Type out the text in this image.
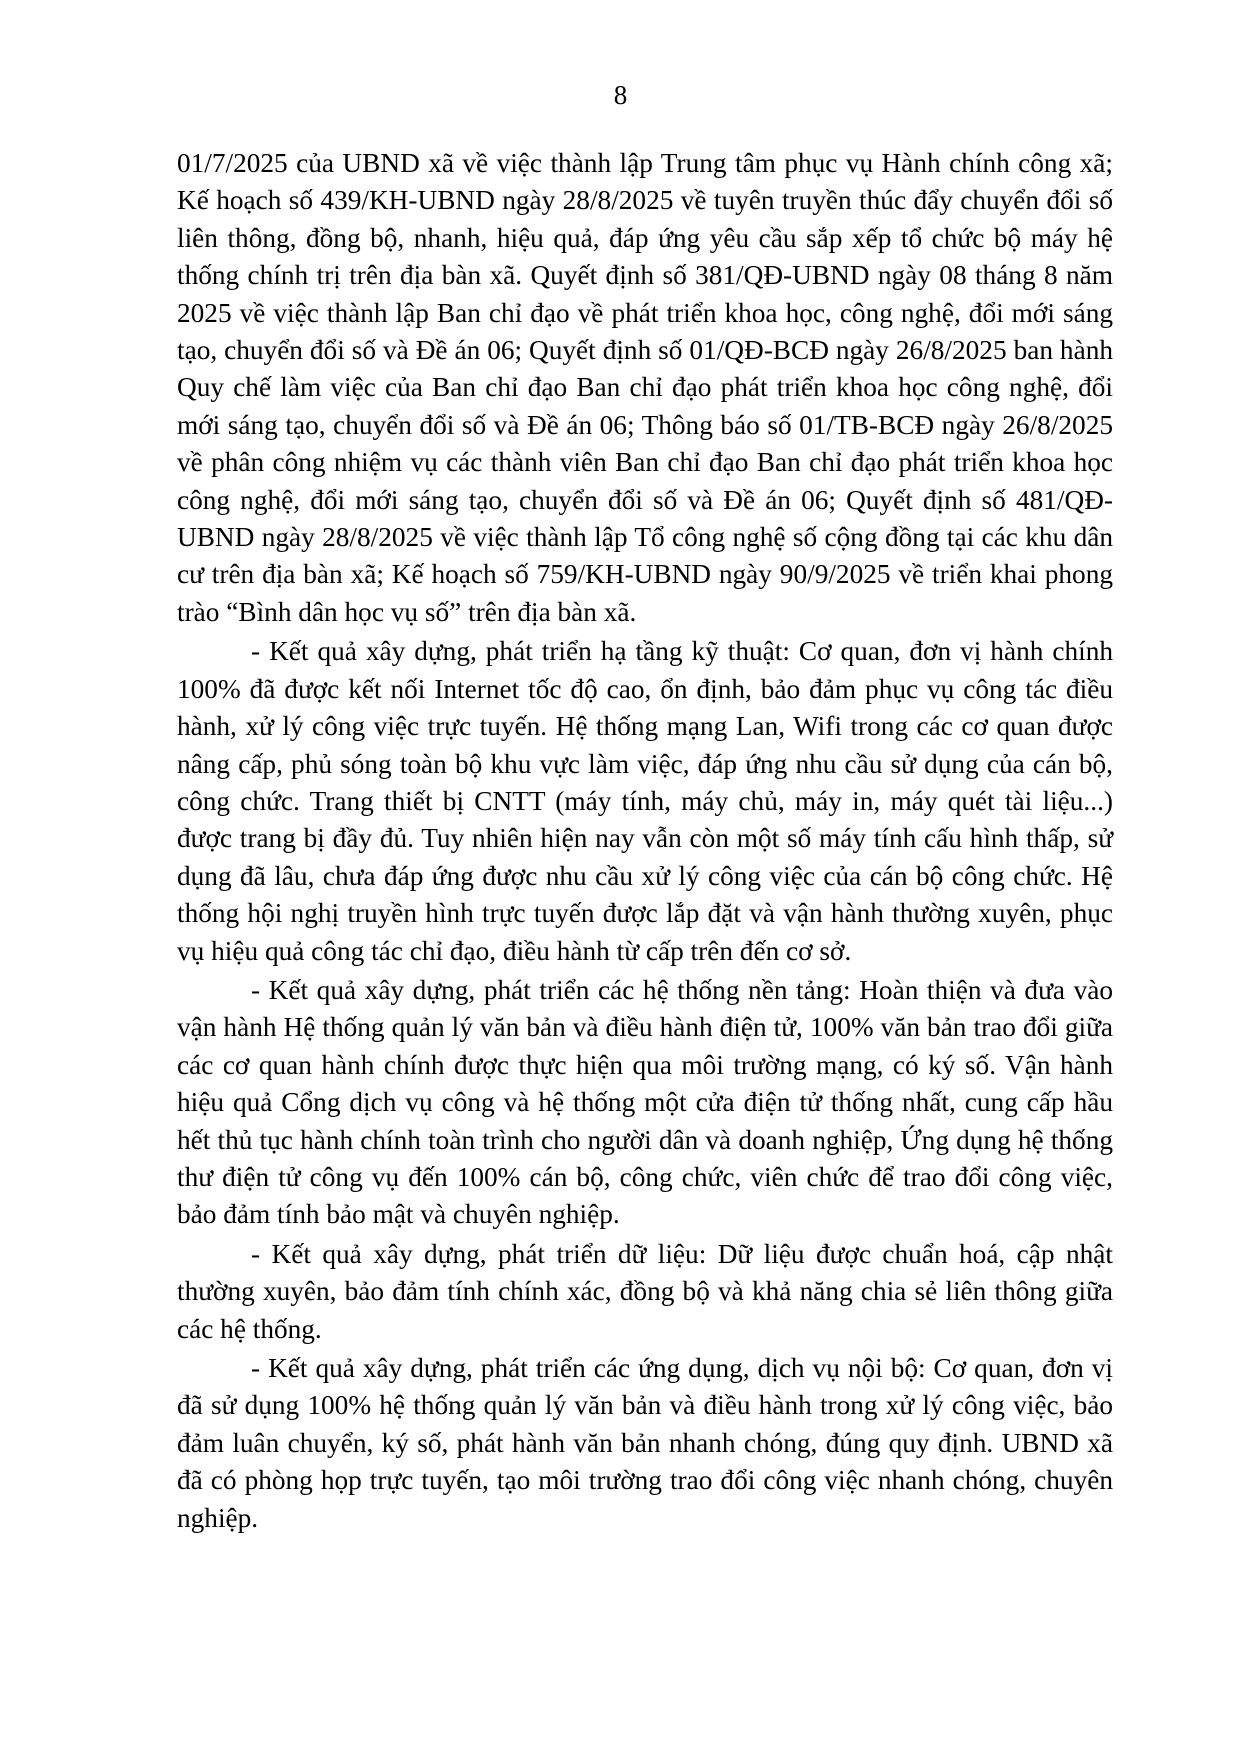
8

01/7/2025 của UBND xã về việc thành lập Trung tâm phục vụ Hành chính công xã; Kế hoạch số 439/KH-UBND ngày 28/8/2025 về tuyên truyền thúc đẩy chuyển đổi số liên thông, đồng bộ, nhanh, hiệu quả, đáp ứng yêu cầu sắp xếp tổ chức bộ máy hệ thống chính trị trên địa bàn xã. Quyết định số 381/QĐ-UBND ngày 08 tháng 8 năm 2025 về việc thành lập Ban chỉ đạo về phát triển khoa học, công nghệ, đổi mới sáng tạo, chuyển đổi số và Đề án 06; Quyết định số 01/QĐ-BCĐ ngày 26/8/2025 ban hành Quy chế làm việc của Ban chỉ đạo Ban chỉ đạo phát triển khoa học công nghệ, đổi mới sáng tạo, chuyển đổi số và Đề án 06; Thông báo số 01/TB-BCĐ ngày 26/8/2025 về phân công nhiệm vụ các thành viên Ban chỉ đạo Ban chỉ đạo phát triển khoa học công nghệ, đổi mới sáng tạo, chuyển đổi số và Đề án 06; Quyết định số 481/QĐ-UBND ngày 28/8/2025 về việc thành lập Tổ công nghệ số cộng đồng tại các khu dân cư trên địa bàn xã; Kế hoạch số 759/KH-UBND ngày 90/9/2025 về triển khai phong trào “Bình dân học vụ số” trên địa bàn xã.

- Kết quả xây dựng, phát triển hạ tầng kỹ thuật: Cơ quan, đơn vị hành chính 100% đã được kết nối Internet tốc độ cao, ổn định, bảo đảm phục vụ công tác điều hành, xử lý công việc trực tuyến. Hệ thống mạng Lan, Wifi trong các cơ quan được nâng cấp, phủ sóng toàn bộ khu vực làm việc, đáp ứng nhu cầu sử dụng của cán bộ, công chức. Trang thiết bị CNTT (máy tính, máy chủ, máy in, máy quét tài liệu...) được trang bị đầy đủ. Tuy nhiên hiện nay vẫn còn một số máy tính cấu hình thấp, sử dụng đã lâu, chưa đáp ứng được nhu cầu xử lý công việc của cán bộ công chức. Hệ thống hội nghị truyền hình trực tuyến được lắp đặt và vận hành thường xuyên, phục vụ hiệu quả công tác chỉ đạo, điều hành từ cấp trên đến cơ sở.

- Kết quả xây dựng, phát triển các hệ thống nền tảng: Hoàn thiện và đưa vào vận hành Hệ thống quản lý văn bản và điều hành điện tử, 100% văn bản trao đổi giữa các cơ quan hành chính được thực hiện qua môi trường mạng, có ký số. Vận hành hiệu quả Cổng dịch vụ công và hệ thống một cửa điện tử thống nhất, cung cấp hầu hết thủ tục hành chính toàn trình cho người dân và doanh nghiệp, Ứng dụng hệ thống thư điện tử công vụ đến 100% cán bộ, công chức, viên chức để trao đổi công việc, bảo đảm tính bảo mật và chuyên nghiệp.

- Kết quả xây dựng, phát triển dữ liệu: Dữ liệu được chuẩn hoá, cập nhật thường xuyên, bảo đảm tính chính xác, đồng bộ và khả năng chia sẻ liên thông giữa các hệ thống.

- Kết quả xây dựng, phát triển các ứng dụng, dịch vụ nội bộ: Cơ quan, đơn vị đã sử dụng 100% hệ thống quản lý văn bản và điều hành trong xử lý công việc, bảo đảm luân chuyển, ký số, phát hành văn bản nhanh chóng, đúng quy định. UBND xã đã có phòng họp trực tuyến, tạo môi trường trao đổi công việc nhanh chóng, chuyên nghiệp.
